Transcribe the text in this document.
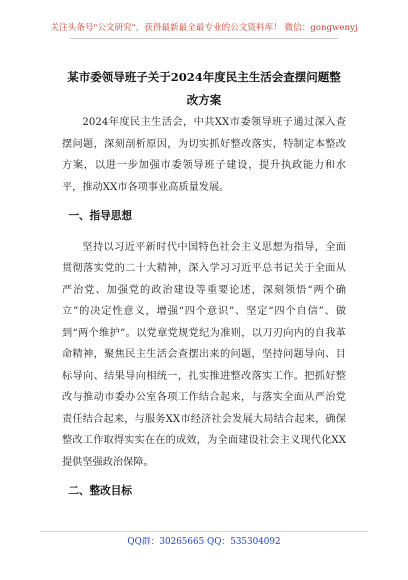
关注头条号"公文研究"，获得最新最全最专业的公文资料库！ 微信：gongwenyj
某市委领导班子关于2024年度民主生活会查摆问题整改方案

2024年度民主生活会，中共XX市委领导班子通过深入查摆问题，深刻剖析原因，为切实抓好整改落实，特制定本整改方案，以进一步加强市委领导班子建设，提升执政能力和水平，推动XX市各项事业高质量发展。

一、指导思想

坚持以习近平新时代中国特色社会主义思想为指导，全面贯彻落实党的二十大精神，深入学习习近平总书记关于全面从严治党、加强党的政治建设等重要论述，深刻领悟“两个确立”的决定性意义，增强“四个意识”、坚定“四个自信”、做到“两个维护”。以党章党规党纪为准则，以刀刃向内的自我革命精神，聚焦民主生活会查摆出来的问题，坚持问题导向、目标导向、结果导向相统一，扎实推进整改落实工作。把抓好整改与推动市委办公室各项工作结合起来，与落实全面从严治党责任结合起来，与服务XX市经济社会发展大局结合起来，确保整改工作取得实实在在的成效，为全面建设社会主义现代化XX提供坚强政治保障。

二、整改目标
QQ群：30265665 QQ：535304092
